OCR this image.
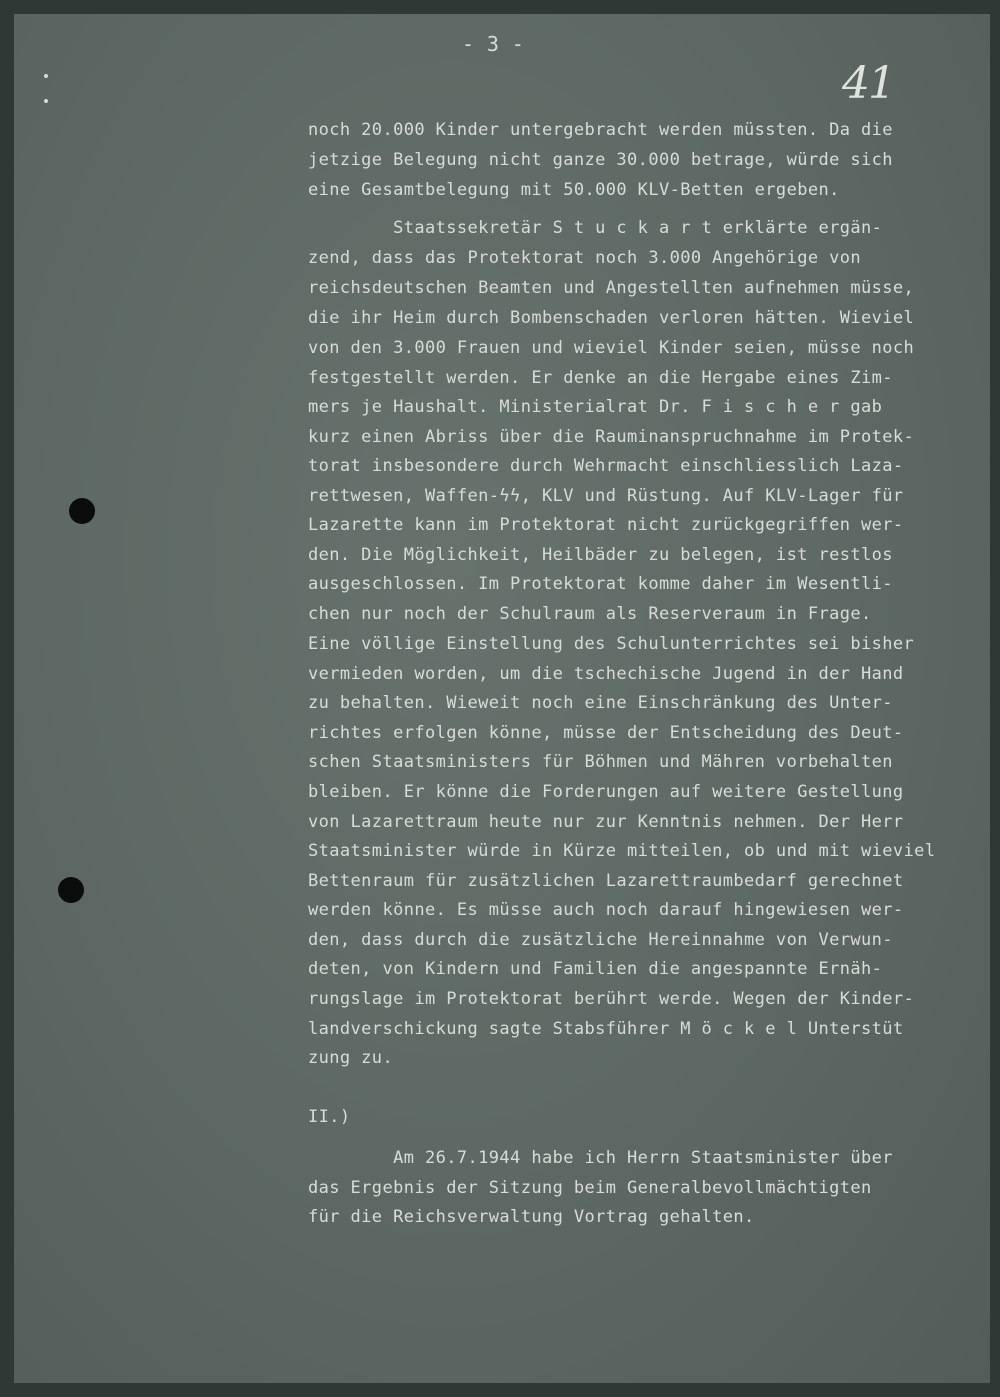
- 3 -
41
noch 20.000 Kinder untergebracht werden müssten. Da die
jetzige Belegung nicht ganze 30.000 betrage, würde sich
eine Gesamtbelegung mit 50.000 KLV-Betten ergeben.
Staatssekretär S t u c k a r t erklärte ergän-
zend, dass das Protektorat noch 3.000 Angehörige von
reichsdeutschen Beamten und Angestellten aufnehmen müsse,
die ihr Heim durch Bombenschaden verloren hätten. Wieviel
von den 3.000 Frauen und wieviel Kinder seien, müsse noch
festgestellt werden. Er denke an die Hergabe eines Zim-
mers je Haushalt. Ministerialrat Dr. F i s c h e r gab
kurz einen Abriss über die Rauminanspruchnahme im Protek-
torat insbesondere durch Wehrmacht einschliesslich Laza-
rettwesen, Waffen-ϟϟ, KLV und Rüstung. Auf KLV-Lager für
Lazarette kann im Protektorat nicht zurückgegriffen wer-
den. Die Möglichkeit, Heilbäder zu belegen, ist restlos
ausgeschlossen. Im Protektorat komme daher im Wesentli-
chen nur noch der Schulraum als Reserveraum in Frage.
Eine völlige Einstellung des Schulunterrichtes sei bisher
vermieden worden, um die tschechische Jugend in der Hand
zu behalten. Wieweit noch eine Einschränkung des Unter-
richtes erfolgen könne, müsse der Entscheidung des Deut-
schen Staatsministers für Böhmen und Mähren vorbehalten
bleiben. Er könne die Forderungen auf weitere Gestellung
von Lazarettraum heute nur zur Kenntnis nehmen. Der Herr
Staatsminister würde in Kürze mitteilen, ob und mit wieviel
Bettenraum für zusätzlichen Lazarettraumbedarf gerechnet
werden könne. Es müsse auch noch darauf hingewiesen wer-
den, dass durch die zusätzliche Hereinnahme von Verwun-
deten, von Kindern und Familien die angespannte Ernäh-
rungslage im Protektorat berührt werde. Wegen der Kinder-
landverschickung sagte Stabsführer M ö c k e l Unterstüt
zung zu.
II.)
Am 26.7.1944 habe ich Herrn Staatsminister über
das Ergebnis der Sitzung beim Generalbevollmächtigten
für die Reichsverwaltung Vortrag gehalten.
